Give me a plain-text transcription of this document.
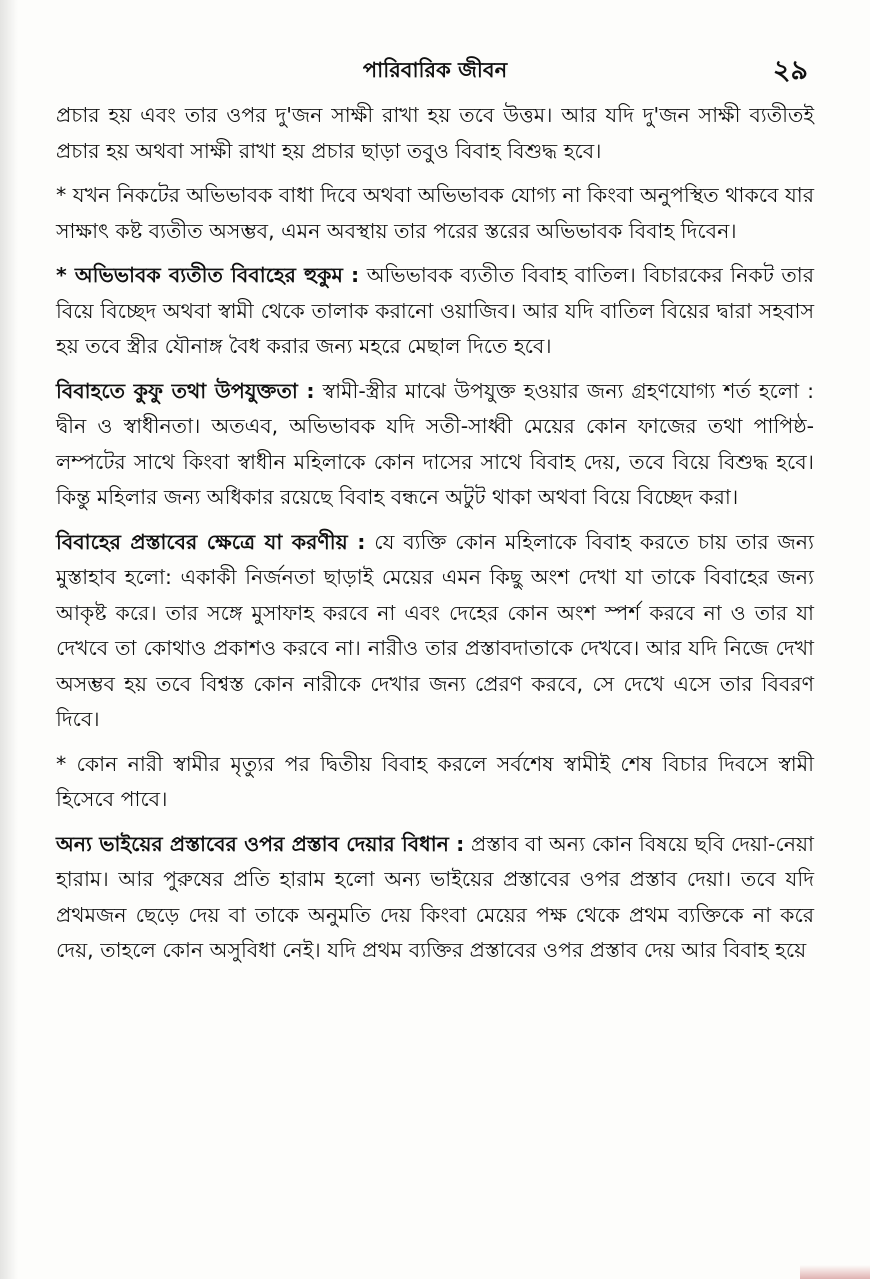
পারিবারিক জীবন	২৯

প্রচার হয় এবং তার ওপর দু'জন সাক্ষী রাখা হয় তবে উত্তম। আর যদি দু'জন সাক্ষী ব্যতীতই প্রচার হয় অথবা সাক্ষী রাখা হয় প্রচার ছাড়া তবুও বিবাহ বিশুদ্ধ হবে।

* যখন নিকটের অভিভাবক বাধা দিবে অথবা অভিভাবক যোগ্য না কিংবা অনুপস্থিত থাকবে যার সাক্ষাৎ কষ্ট ব্যতীত অসম্ভব, এমন অবস্থায় তার পরের স্তরের অভিভাবক বিবাহ দিবেন।

* অভিভাবক ব্যতীত বিবাহের হুকুম : অভিভাবক ব্যতীত বিবাহ বাতিল। বিচারকের নিকট তার বিয়ে বিচ্ছেদ অথবা স্বামী থেকে তালাক করানো ওয়াজিব। আর যদি বাতিল বিয়ের দ্বারা সহবাস হয় তবে স্ত্রীর যৌনাঙ্গ বৈধ করার জন্য মহরে মেছাল দিতে হবে।

বিবাহতে কুফু তথা উপযুক্ততা : স্বামী-স্ত্রীর মাঝে উপযুক্ত হওয়ার জন্য গ্রহণযোগ্য শর্ত হলো : দ্বীন ও স্বাধীনতা। অতএব, অভিভাবক যদি সতী-সাধ্বী মেয়ের কোন ফাজের তথা পাপিষ্ঠ-লম্পটের সাথে কিংবা স্বাধীন মহিলাকে কোন দাসের সাথে বিবাহ দেয়, তবে বিয়ে বিশুদ্ধ হবে। কিন্তু মহিলার জন্য অধিকার রয়েছে বিবাহ বন্ধনে অটুট থাকা অথবা বিয়ে বিচ্ছেদ করা।

বিবাহের প্রস্তাবের ক্ষেত্রে যা করণীয় : যে ব্যক্তি কোন মহিলাকে বিবাহ করতে চায় তার জন্য মুস্তাহাব হলো: একাকী নির্জনতা ছাড়াই মেয়ের এমন কিছু অংশ দেখা যা তাকে বিবাহের জন্য আকৃষ্ট করে। তার সঙ্গে মুসাফাহ করবে না এবং দেহের কোন অংশ স্পর্শ করবে না ও তার যা দেখবে তা কোথাও প্রকাশও করবে না। নারীও তার প্রস্তাবদাতাকে দেখবে। আর যদি নিজে দেখা অসম্ভব হয় তবে বিশ্বস্ত কোন নারীকে দেখার জন্য প্রেরণ করবে, সে দেখে এসে তার বিবরণ দিবে।

* কোন নারী স্বামীর মৃত্যুর পর দ্বিতীয় বিবাহ করলে সর্বশেষ স্বামীই শেষ বিচার দিবসে স্বামী হিসেবে পাবে।

অন্য ভাইয়ের প্রস্তাবের ওপর প্রস্তাব দেয়ার বিধান : প্রস্তাব বা অন্য কোন বিষয়ে ছবি দেয়া-নেয়া হারাম। আর পুরুষের প্রতি হারাম হলো অন্য ভাইয়ের প্রস্তাবের ওপর প্রস্তাব দেয়া। তবে যদি প্রথমজন ছেড়ে দেয় বা তাকে অনুমতি দেয় কিংবা মেয়ের পক্ষ থেকে প্রথম ব্যক্তিকে না করে দেয়, তাহলে কোন অসুবিধা নেই। যদি প্রথম ব্যক্তির প্রস্তাবের ওপর প্রস্তাব দেয় আর বিবাহ হয়ে
